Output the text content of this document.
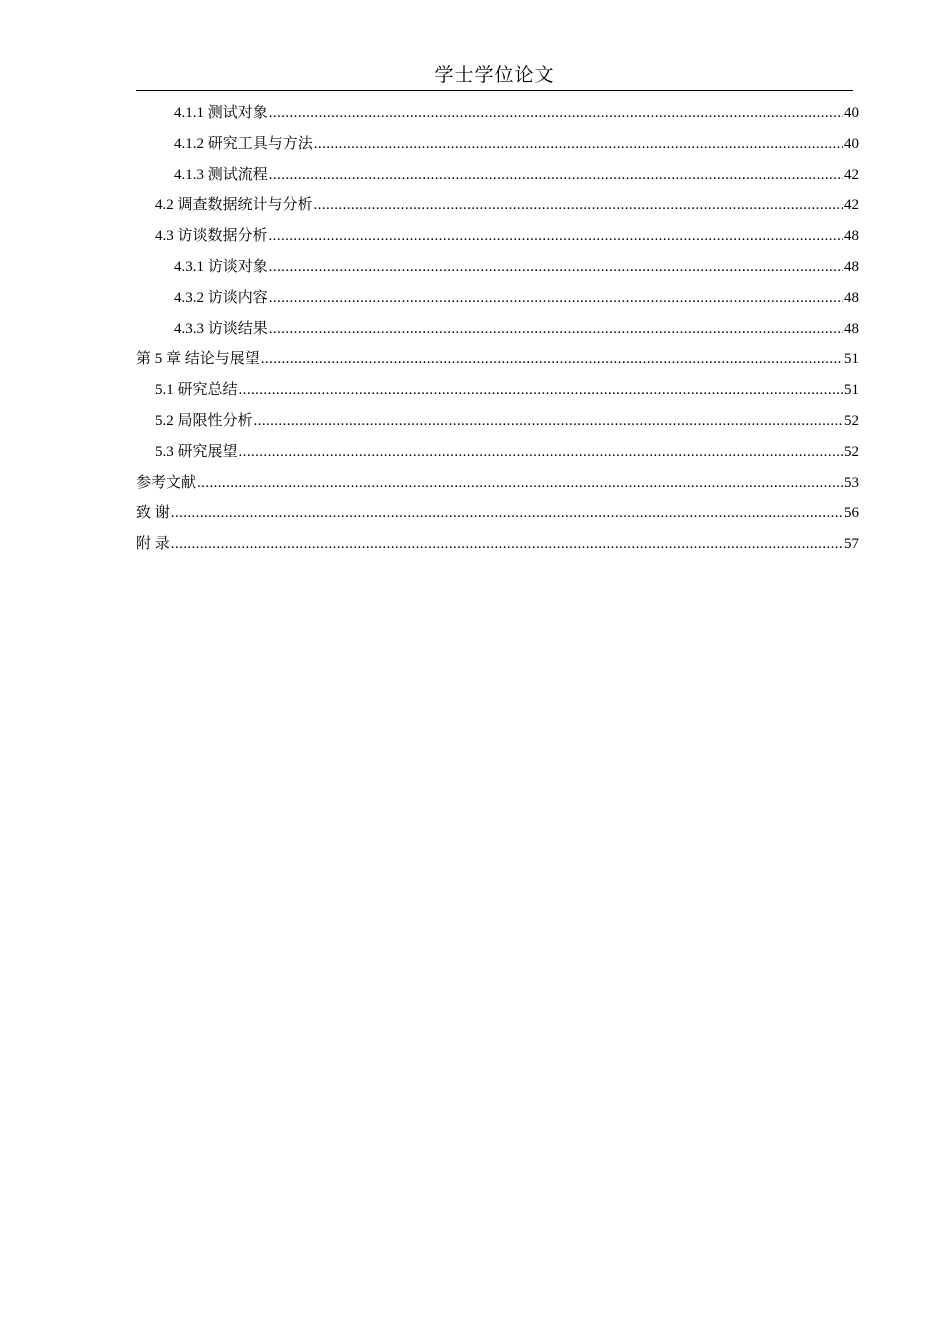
学士学位论文
4.1.1 测试对象 .....	40
4.1.2 研究工具与方法 .....	40
4.1.3 测试流程 .....	42
4.2 调查数据统计与分析 .....	42
4.3 访谈数据分析 .....	48
4.3.1 访谈对象 .....	48
4.3.2 访谈内容 .....	48
4.3.3 访谈结果 .....	48
第 5 章 结论与展望 .....	51
5.1 研究总结 .....	51
5.2 局限性分析 .....	52
5.3 研究展望 .....	52
参考文献 .....	53
致 谢 .....	56
附 录 .....	57
